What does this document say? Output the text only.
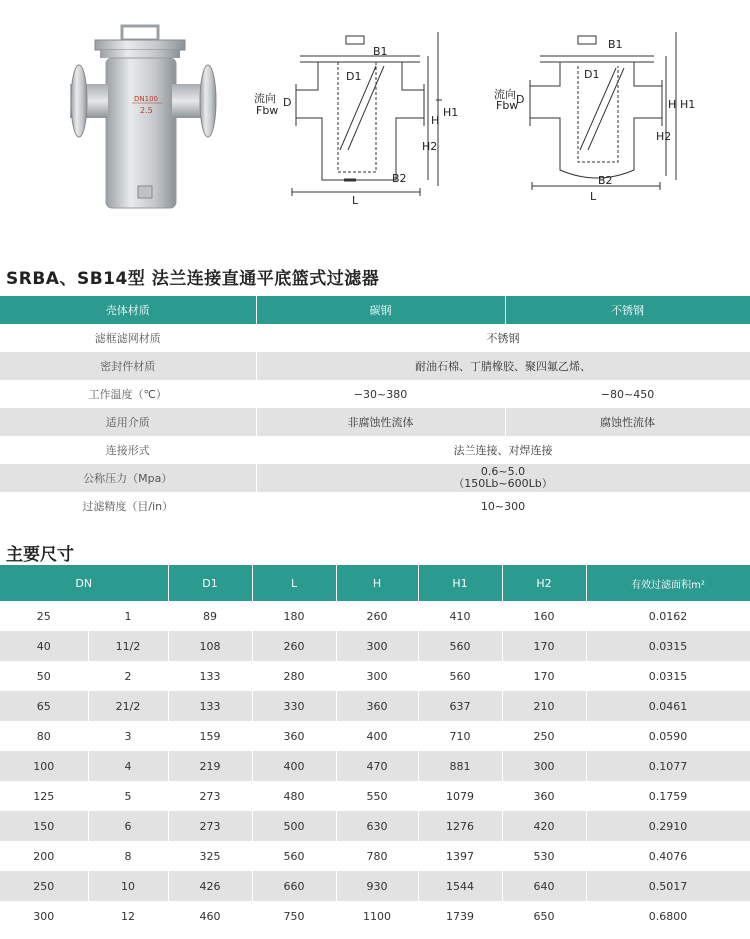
DN100
2.5
B1
D1
流向 D
Fbw
H
H1
H2
B2
L
B1
D1
流向 D
Fbw	H H1
H2
B2
L
SRBA、SB14型 法兰连接直通平底篮式过滤器
壳体材质	碳钢	不锈钢
滤框滤网材质	不锈钢	
密封件材质	耐油石棉、丁腈橡胶、聚四氟乙烯、	
工作温度（℃）	−30~380	−80~450
适用介质	非腐蚀性流体	腐蚀性流体
连接形式	法兰连接、对焊连接	
公称压力（Mpa）	0.6~5.0
（150Lb~600Lb）	

过滤精度（目/in）	10~300	
主要尺寸
DN		D1	L	H	H1	H2	有效过滤面积m²
25	1	89	180	260	410	160	0.0162
40	11/2	108	260	300	560	170	0.0315
50	2	133	280	300	560	170	0.0315
65	21/2	133	330	360	637	210	0.0461
80	3	159	360	400	710	250	0.0590
100	4	219	400	470	881	300	0.1077
125	5	273	480	550	1079	360	0.1759
150	6	273	500	630	1276	420	0.2910
200	8	325	560	780	1397	530	0.4076
250	10	426	660	930	1544	640	0.5017
300	12	460	750	1100	1739	650	0.6800
